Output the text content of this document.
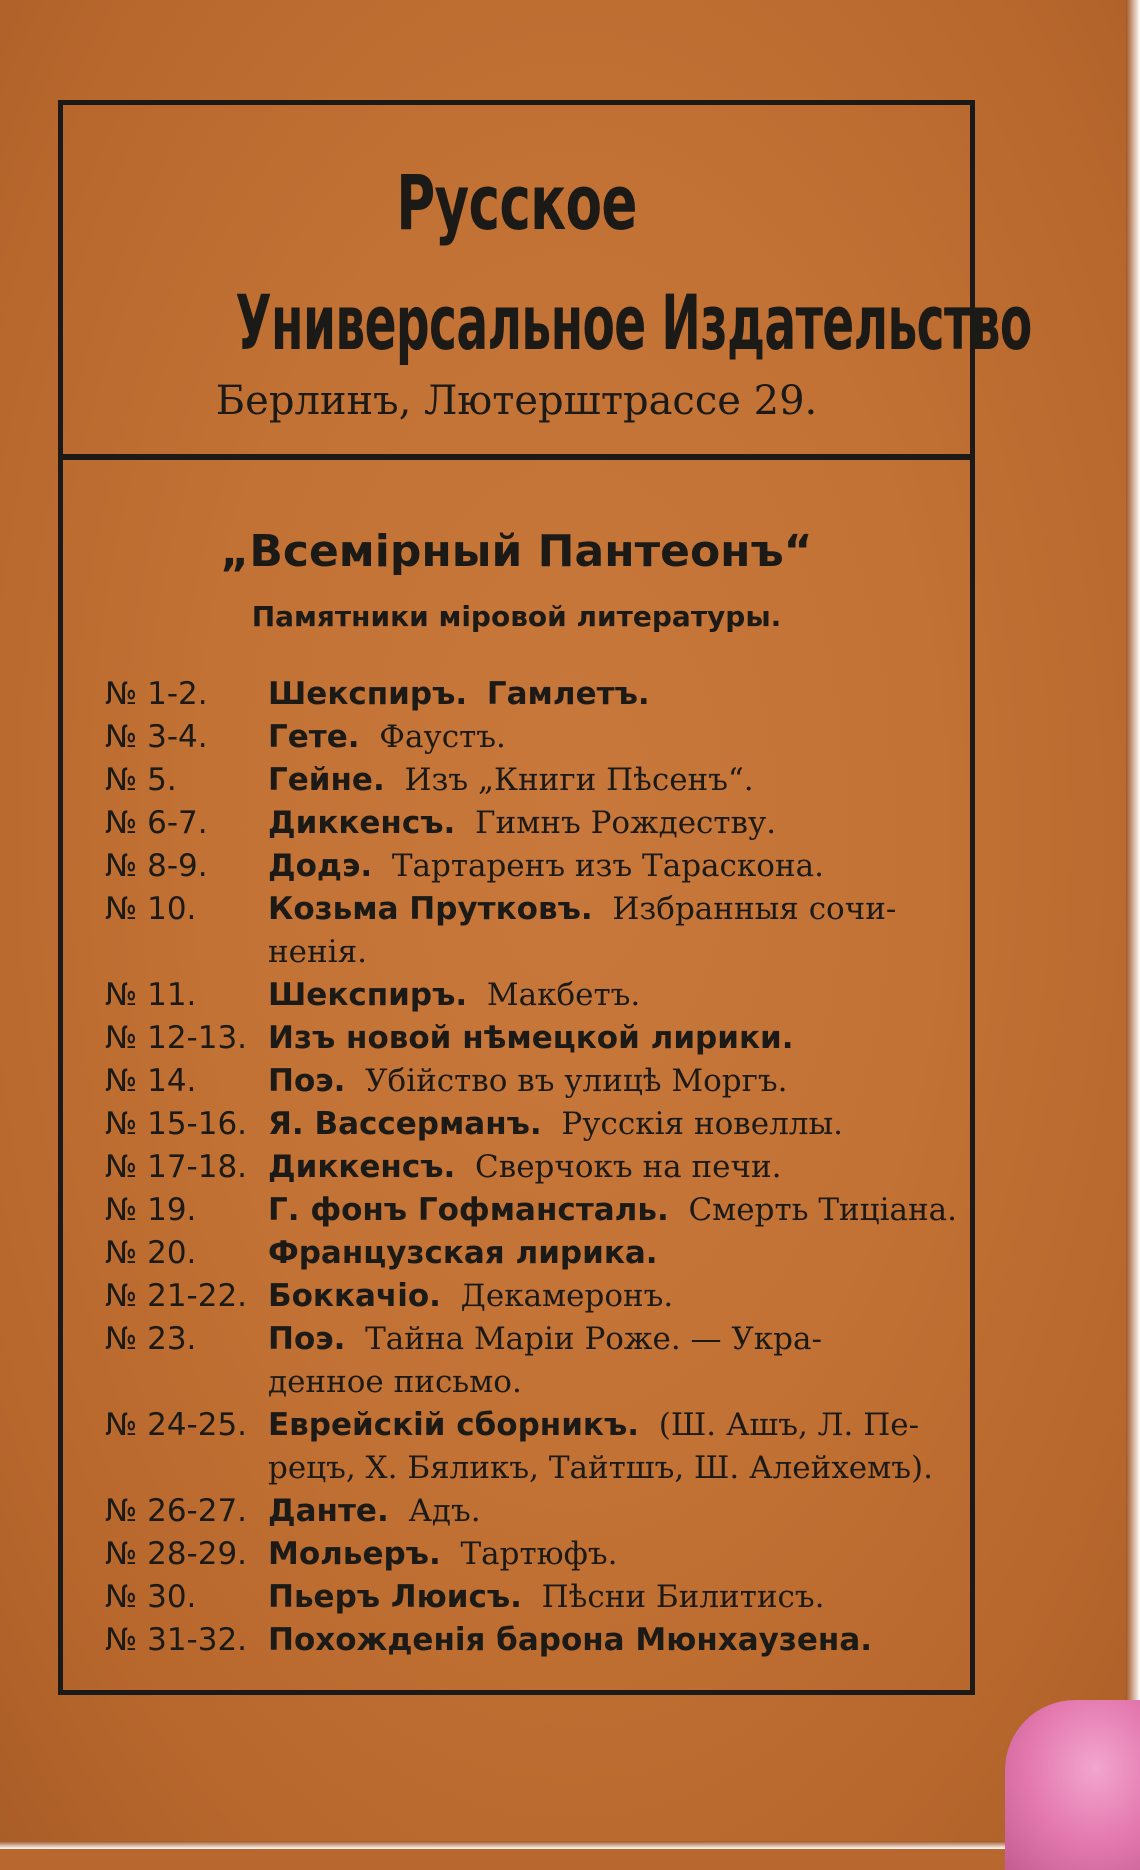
Русское
Универсальное Издательство
Берлинъ, Лютерштрассе 29.
„Всемiрный Пантеонъ“
Памятники мiровой литературы.
№ 1-2.	Шекспиръ. Гамлетъ.
№ 3-4.	Гете. Фаустъ.
№ 5.	Гейне. Изъ „Книги Пѣсенъ“.
№ 6-7.	Диккенсъ. Гимнъ Рождеству.
№ 8-9.	Додэ. Тартаренъ изъ Тараскона.
№ 10.	Козьма Прутковъ. Избранныя сочи-
ненія.
№ 11.	Шекспиръ. Макбетъ.
№ 12-13. Изъ новой нѣмецкой лирики.
№ 14.	Поэ. Убійство въ улицѣ Моргъ.
№ 15-16. Я. Вассерманъ. Русскія новеллы.
№ 17-18. Диккенсъ. Сверчокъ на печи.
№ 19.	Г. фонъ Гофмансталь. Смерть Тиціана.
№ 20.	Французская лирика.
№ 21-22. Боккачіо. Декамеронъ.
№ 23.	Поэ. Тайна Маріи Роже. — Укра-
денное письмо.
№ 24-25. Еврейскій сборникъ. (Ш. Ашъ, Л. Пе-
рецъ, Х. Бяликъ, Тайтшъ, Ш. Алейхемъ).
№ 26-27. Данте. Адъ.
№ 28-29. Мольеръ. Тартюфъ.
№ 30.	Пьеръ Люисъ. Пѣсни Билитисъ.
№ 31-32. Похожденія барона Мюнхаузена.
